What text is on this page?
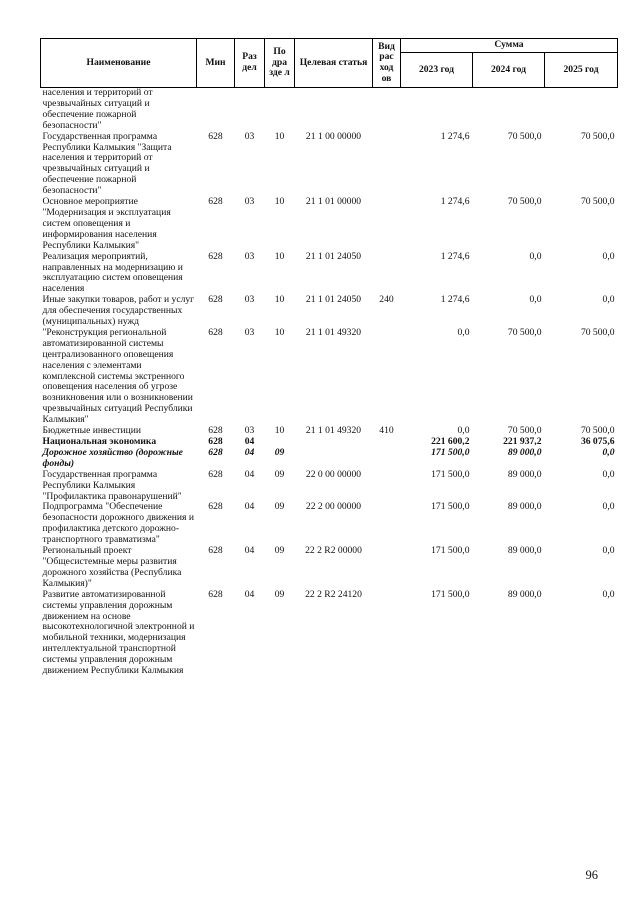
Наименование	Мин	Раз дел	По дра зде л	Целевая статья	Вид рас ход ов	Сумма		
						2023 год	2024 год	2025 год
населения и территорий от чрезвычайных ситуаций и обеспечение пожарной безопасности"								
Государственная программа Республики Калмыкия "Защита населения и территорий от чрезвычайных ситуаций и обеспечение пожарной безопасности"	628	03	10	21 1 00 00000		1 274,6	70 500,0	70 500,0
Основное мероприятие "Модернизация и эксплуатация систем оповещения и информирования населения Республики Калмыкия"	628	03	10	21 1 01 00000		1 274,6	70 500,0	70 500,0
Реализация мероприятий, направленных на модернизацию и эксплуатацию систем оповещения населения	628	03	10	21 1 01 24050		1 274,6	0,0	0,0
Иные закупки товаров, работ и услуг для обеспечения государственных (муниципальных) нужд	628	03	10	21 1 01 24050	240	1 274,6	0,0	0,0
"Реконструкция региональной автоматизированной системы централизованного оповещения населения с элементами комплексной системы экстренного оповещения населения об угрозе возникновения или о возникновении чрезвычайных ситуаций Республики Калмыкия"	628	03	10	21 1 01 49320		0,0	70 500,0	70 500,0
Бюджетные инвестиции	628	03	10	21 1 01 49320	410	0,0	70 500,0	70 500,0
Национальная экономика	628	04				221 600,2	221 937,2	36 075,6
Дорожное хозяйство (дорожные фонды)	628	04	09			171 500,0	89 000,0	0,0
Государственная программа Республики Калмыкия "Профилактика правонарушений"	628	04	09	22 0 00 00000		171 500,0	89 000,0	0,0
Подпрограмма "Обеспечение безопасности дорожного движения и профилактика детского дорожно-транспортного травматизма"	628	04	09	22 2 00 00000		171 500,0	89 000,0	0,0
Региональный проект "Общесистемные меры развития дорожного хозяйства (Республика Калмыкия)"	628	04	09	22 2 R2 00000		171 500,0	89 000,0	0,0
Развитие автоматизированной системы управления дорожным движением на основе высокотехнологичной электронной и мобильной техники, модернизация интеллектуальной транспортной системы управления дорожным движением Республики Калмыкия	628	04	09	22 2 R2 24120		171 500,0	89 000,0	0,0
96
